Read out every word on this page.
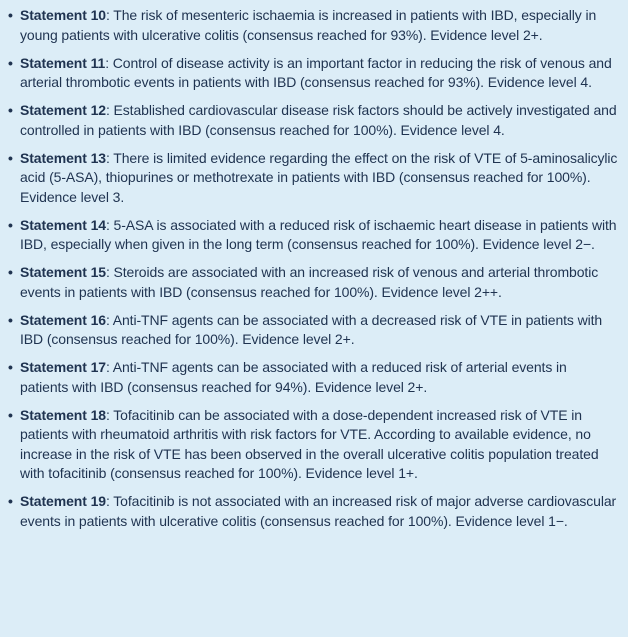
• Statement 10: The risk of mesenteric ischaemia is increased in patients with IBD, especially in young patients with ulcerative colitis (consensus reached for 93%). Evidence level 2+.
• Statement 11: Control of disease activity is an important factor in reducing the risk of venous and arterial thrombotic events in patients with IBD (consensus reached for 93%). Evidence level 4.
• Statement 12: Established cardiovascular disease risk factors should be actively investigated and controlled in patients with IBD (consensus reached for 100%). Evidence level 4.
• Statement 13: There is limited evidence regarding the effect on the risk of VTE of 5-aminosalicylic acid (5-ASA), thiopurines or methotrexate in patients with IBD (consensus reached for 100%). Evidence level 3.
• Statement 14: 5-ASA is associated with a reduced risk of ischaemic heart disease in patients with IBD, especially when given in the long term (consensus reached for 100%). Evidence level 2−.
• Statement 15: Steroids are associated with an increased risk of venous and arterial thrombotic events in patients with IBD (consensus reached for 100%). Evidence level 2++.
• Statement 16: Anti-TNF agents can be associated with a decreased risk of VTE in patients with IBD (consensus reached for 100%). Evidence level 2+.
• Statement 17: Anti-TNF agents can be associated with a reduced risk of arterial events in patients with IBD (consensus reached for 94%). Evidence level 2+.
• Statement 18: Tofacitinib can be associated with a dose-dependent increased risk of VTE in patients with rheumatoid arthritis with risk factors for VTE. According to available evidence, no increase in the risk of VTE has been observed in the overall ulcerative colitis population treated with tofacitinib (consensus reached for 100%). Evidence level 1+.
• Statement 19: Tofacitinib is not associated with an increased risk of major adverse cardiovascular events in patients with ulcerative colitis (consensus reached for 100%). Evidence level 1−.
